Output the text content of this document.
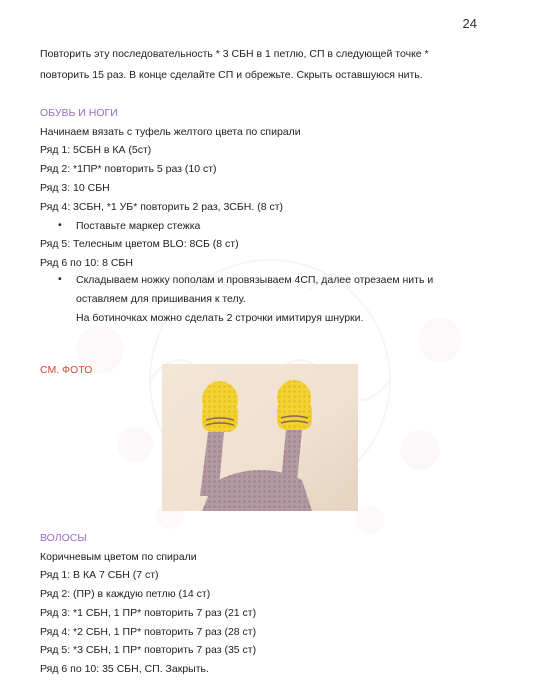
24
Повторить эту последовательность * 3 СБН в 1 петлю, СП в следующей точке *
повторить 15 раз. В конце сделайте СП и обрежьте. Скрыть оставшуюся нить.
ОБУВЬ И НОГИ
Начинаем вязать с туфель желтого цвета по спирали
Ряд 1: 5СБН в КА (5ст)
Ряд 2: *1ПР* повторить 5 раз (10 ст)
Ряд 3: 10 СБН
Ряд 4: 3СБН, *1 УБ* повторить 2 раз, 3СБН. (8 ст)
• Поставьте маркер стежка
Ряд 5: Телесным цветом BLO: 8СБ (8 ст)
Ряд 6 по 10: 8 СБН
• Складываем ножку пополам и провязываем 4СП, далее отрезаем нить и
оставляем для пришивания к телу.
На ботиночках можно сделать 2 строчки имитируя шнурки.
СМ. ФОТО
ВОЛОСЫ
Коричневым цветом по спирали
Ряд 1: В КА 7 СБН (7 ст)
Ряд 2: (ПР) в каждую петлю (14 ст)
Ряд 3: *1 СБН, 1 ПР* повторить 7 раз (21 ст)
Ряд 4: *2 СБН, 1 ПР* повторить 7 раз (28 ст)
Ряд 5: *3 СБН, 1 ПР* повторить 7 раз (35 ст)
Ряд 6 по 10: 35 СБН, СП. Закрыть.
